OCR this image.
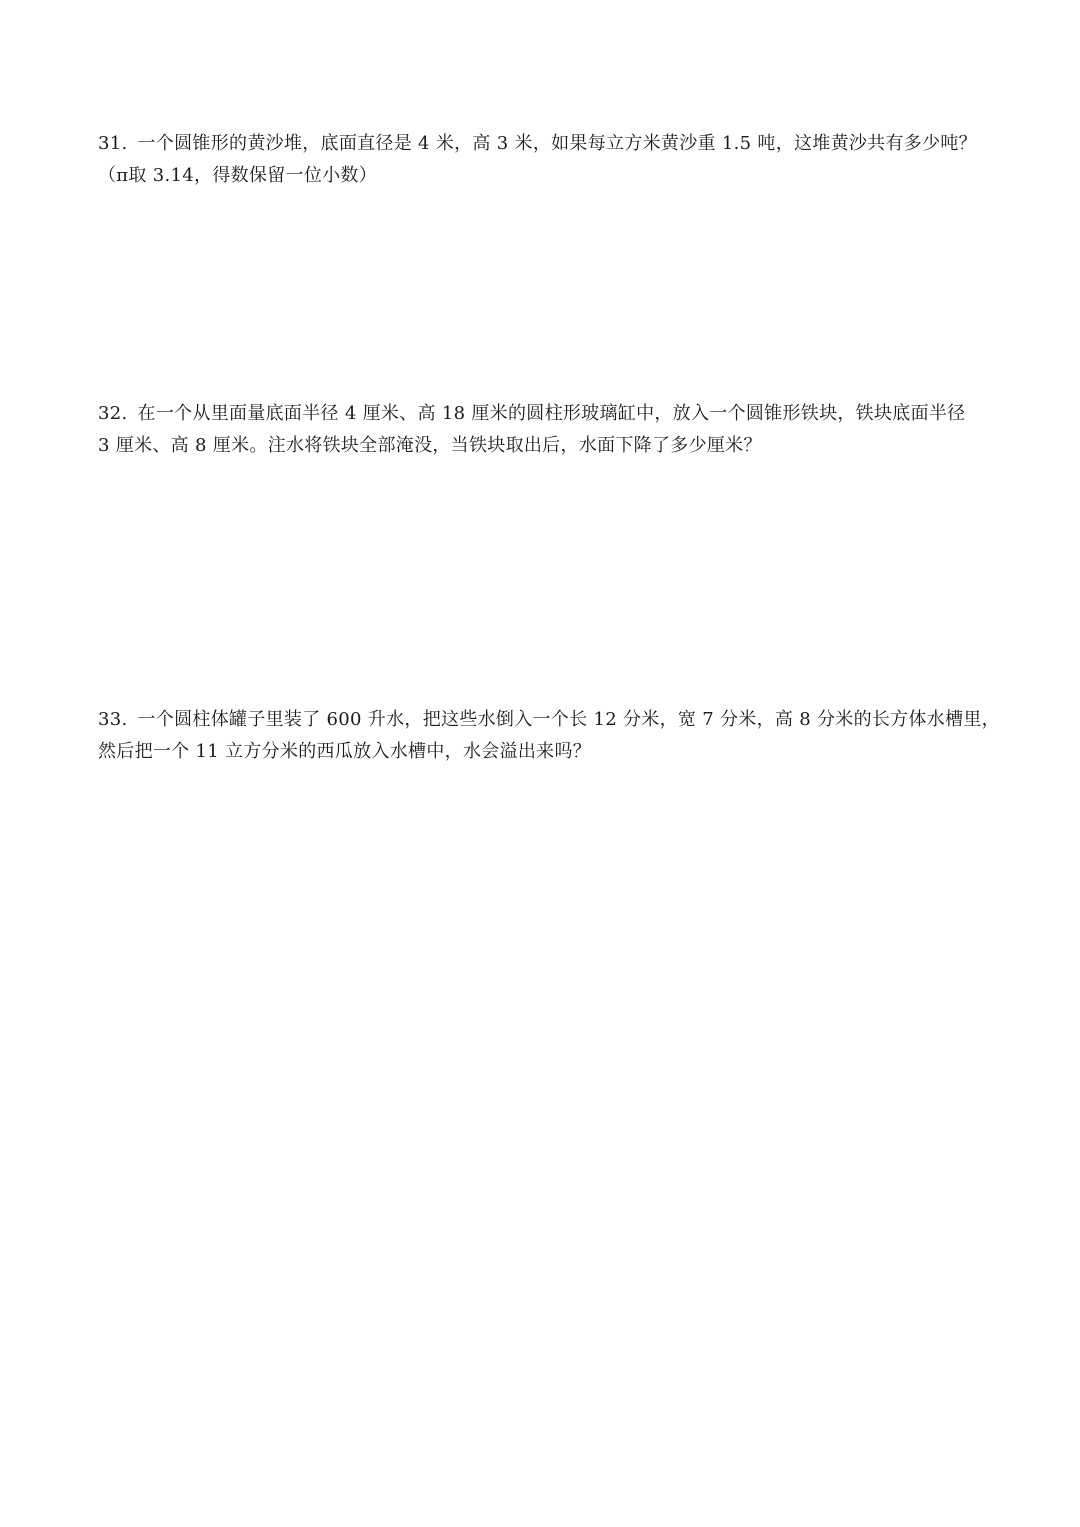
31. 一个圆锥形的黄沙堆，底面直径是 4 米，高 3 米，如果每立方米黄沙重 1.5 吨，这堆黄沙共有多少吨？
（π取 3.14，得数保留一位小数）
32. 在一个从里面量底面半径 4 厘米、高 18 厘米的圆柱形玻璃缸中，放入一个圆锥形铁块，铁块底面半径
3 厘米、高 8 厘米。注水将铁块全部淹没，当铁块取出后，水面下降了多少厘米？
33. 一个圆柱体罐子里装了 600 升水，把这些水倒入一个长 12 分米，宽 7 分米，高 8 分米的长方体水槽里，
然后把一个 11 立方分米的西瓜放入水槽中，水会溢出来吗？
